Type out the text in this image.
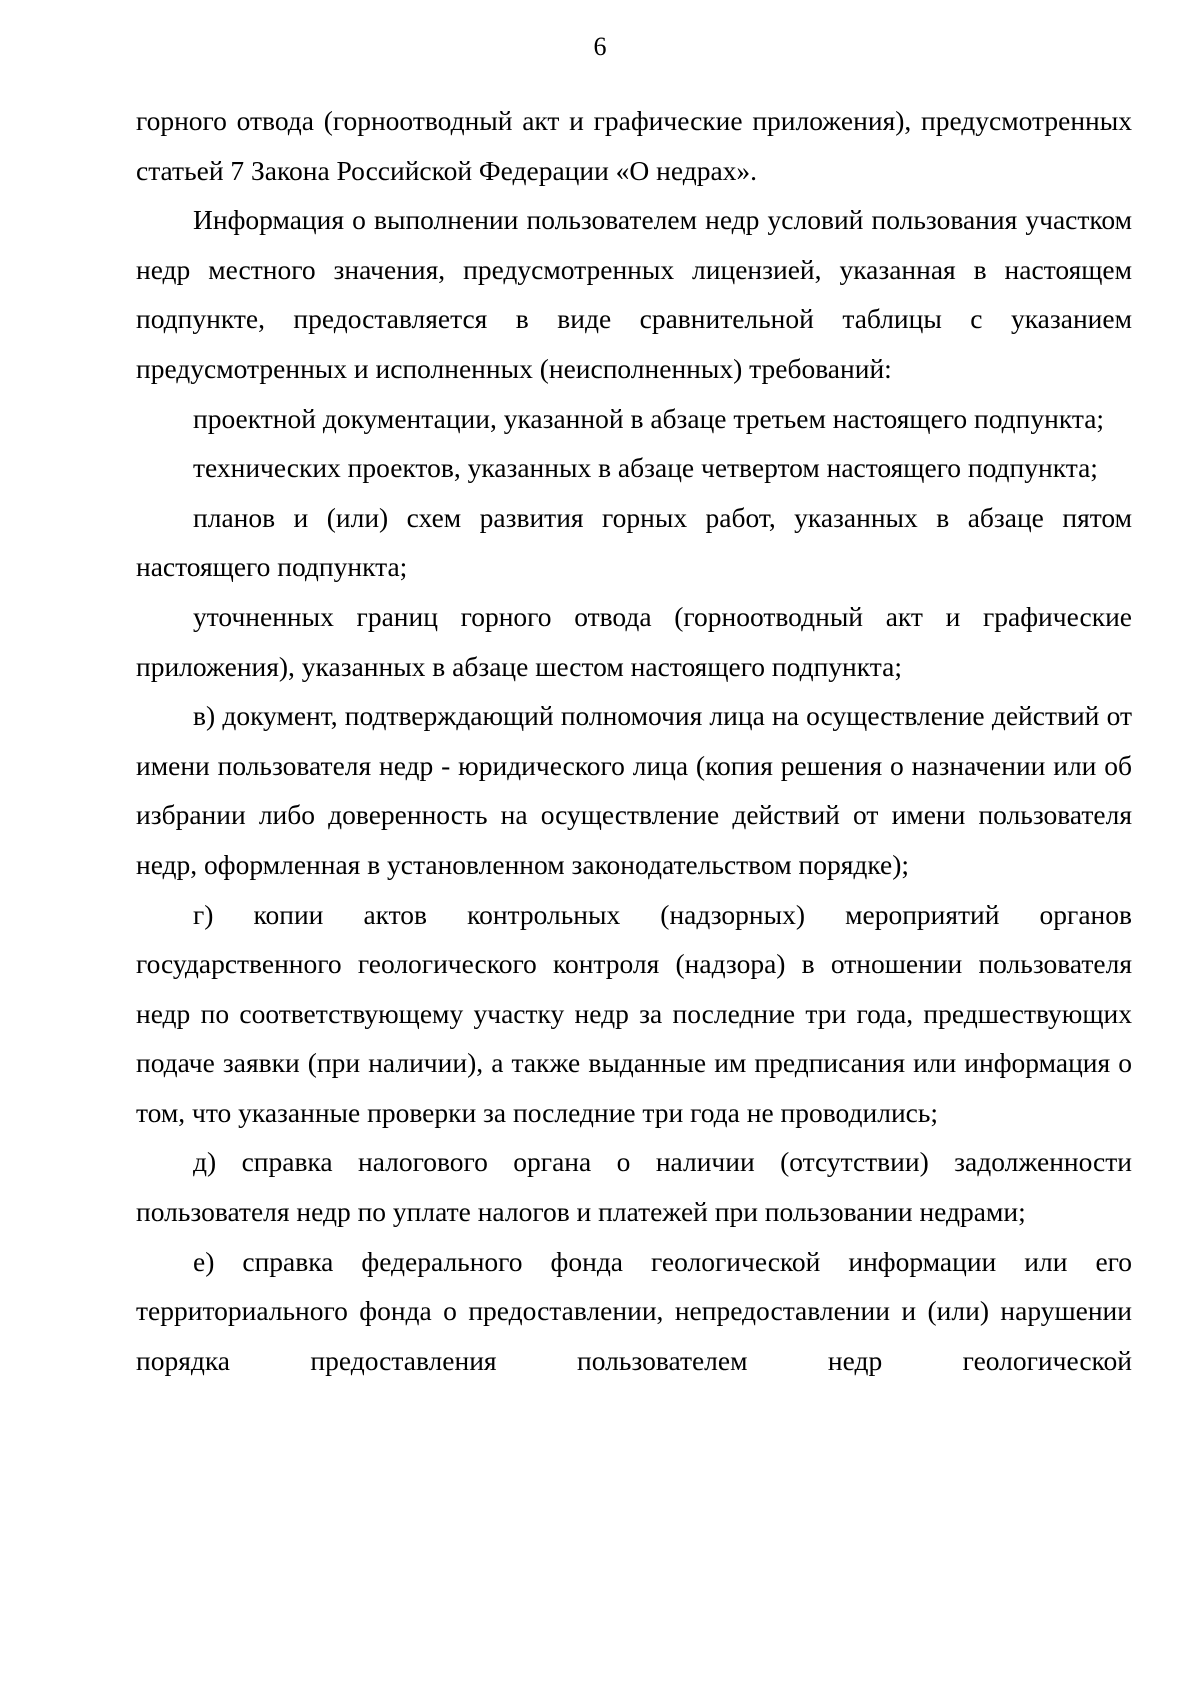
6

горного отвода (горноотводный акт и графические приложения), предусмотренных статьей 7 Закона Российской Федерации «О недрах».

Информация о выполнении пользователем недр условий пользования участком недр местного значения, предусмотренных лицензией, указанная в настоящем подпункте, предоставляется в виде сравнительной таблицы с указанием предусмотренных и исполненных (неисполненных) требований:

проектной документации, указанной в абзаце третьем настоящего подпункта;

технических проектов, указанных в абзаце четвертом настоящего подпункта;

планов и (или) схем развития горных работ, указанных в абзаце пятом настоящего подпункта;

уточненных границ горного отвода (горноотводный акт и графические приложения), указанных в абзаце шестом настоящего подпункта;

в) документ, подтверждающий полномочия лица на осуществление действий от имени пользователя недр - юридического лица (копия решения о назначении или об избрании либо доверенность на осуществление действий от имени пользователя недр, оформленная в установленном законодательством порядке);

г) копии актов контрольных (надзорных) мероприятий органов государственного геологического контроля (надзора) в отношении пользователя недр по соответствующему участку недр за последние три года, предшествующих подаче заявки (при наличии), а также выданные им предписания или информация о том, что указанные проверки за последние три года не проводились;

д) справка налогового органа о наличии (отсутствии) задолженности пользователя недр по уплате налогов и платежей при пользовании недрами;

е) справка федерального фонда геологической информации или его территориального фонда о предоставлении, непредоставлении и (или) нарушении порядка предоставления пользователем недр геологической
